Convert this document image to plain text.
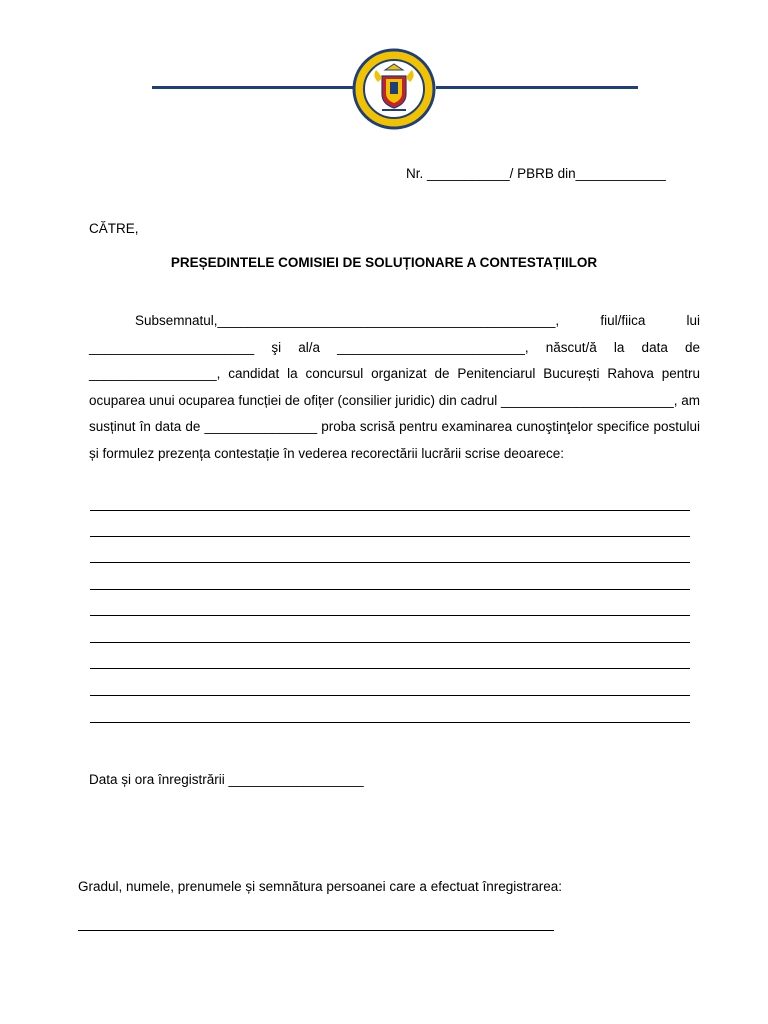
Nr. ___________/ PBRB din____________
CĂTRE,
PREȘEDINTELE COMISIEI DE SOLUȚIONARE A CONTESTAȚIILOR
Subsemnatul,_____________________________________________, fiul/fiica lui ______________________ şi al/a _________________________, născut/ă la data de _________________, candidat la concursul organizat de Penitenciarul București Rahova pentru ocuparea unui ocuparea funcției de ofițer (consilier juridic) din cadrul _______________________, am susținut în data de _______________ proba scrisă pentru examinarea cunoştinţelor specifice postului și formulez prezența contestație în vederea recorectării lucrării scrise deoarece:
Data și ora înregistrării __________________
Gradul, numele, prenumele și semnătura persoanei care a efectuat înregistrarea:
